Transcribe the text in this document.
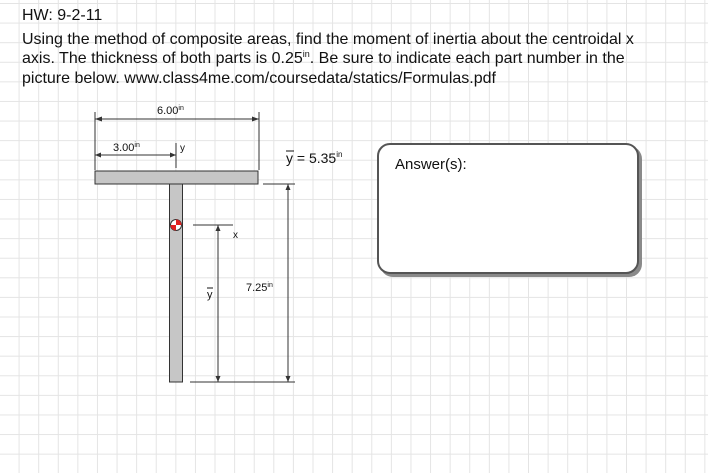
HW: 9-2-11
Using the method of composite areas, find the moment of inertia about the centroidal x
axis. The thickness of both parts is $0.25^{in}$. Be sure to indicate each part number in the
picture below. www.class4me.com/coursedata/statics/Formulas.pdf
$6.00^{in}$
$3.00^{in}$	y
x
y
$7.25^{in}$
$y = 5.35^{in}$
Answer(s):
